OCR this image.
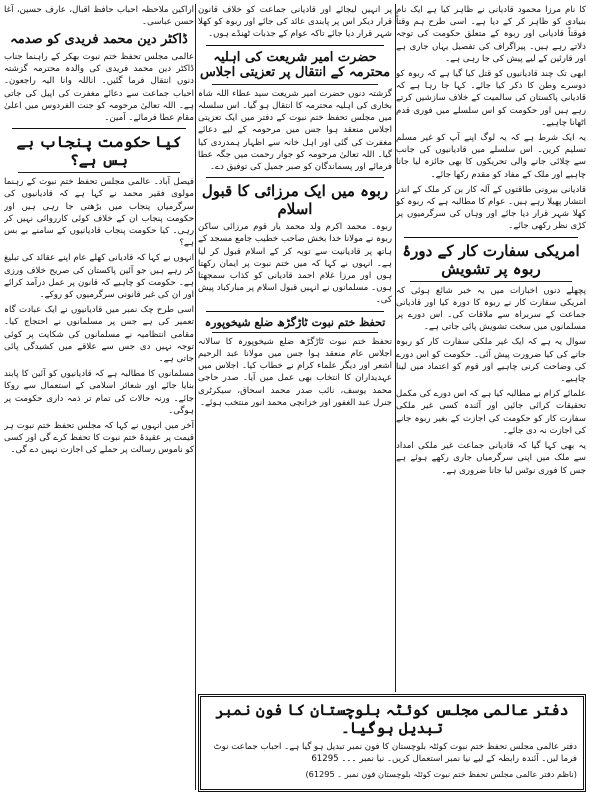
کا نام مرزا محمود قادیانی نے ظاہر کیا ہے ایک نام بنیادی کو ظاہر کر کے دیا ہے۔ اسی طرح ہم وقتاً فوقتاً قادیانی اور ربوہ کے متعلق حکومت کی توجہ دلاتے رہے ہیں۔ پیراگراف کی تفصیل یہاں جاری ہے اور قارئین کے لیے پیش کی جا رہی ہے۔

ابھی تک چند قادیانیوں کو قتل کیا گیا ہے کہ ربوہ کو دوسرے وطن کا ذکر کیا جائے۔ کہا جا رہا ہے کہ قادیانی پاکستان کی سالمیت کے خلاف سازشیں کرتے رہے ہیں اور حکومت کو اس سلسلے میں فوری قدم اٹھانا چاہیے۔

یہ ایک شرط ہے کہ یہ لوگ اپنے آپ کو غیر مسلم تسلیم کریں۔ اس سلسلے میں قادیانیوں کی جانب سے چلائی جانے والی تحریکوں کا بھی جائزہ لیا جانا چاہیے اور ملک کے مفاد کو مقدم رکھا جائے۔

قادیانی بیرونی طاقتوں کے آلہ کار بن کر ملک کے اندر انتشار پھیلا رہے ہیں۔ عوام کا مطالبہ ہے کہ ربوہ کو کھلا شہر قرار دیا جائے اور وہاں کی سرگرمیوں پر کڑی نظر رکھی جائے۔

امریکی سفارت کار کے دورۂ ربوہ پر تشویش

پچھلے دنوں اخبارات میں یہ خبر شائع ہوئی کہ امریکی سفارت کار نے ربوہ کا دورہ کیا اور قادیانی جماعت کے سربراہ سے ملاقات کی۔ اس دورے پر مسلمانوں میں سخت تشویش پائی جاتی ہے۔

سوال یہ ہے کہ ایک غیر ملکی سفارت کار کو ربوہ جانے کی کیا ضرورت پیش آئی۔ حکومت کو اس دورے کی وضاحت کرنی چاہیے اور قوم کو اعتماد میں لینا چاہیے۔

علمائے کرام نے مطالبہ کیا ہے کہ اس دورے کی مکمل تحقیقات کرائی جائیں اور آئندہ کسی غیر ملکی سفارت کار کو حکومت کی اجازت کے بغیر ربوہ جانے کی اجازت نہ دی جائے۔

یہ بھی کہا گیا کہ قادیانی جماعت غیر ملکی امداد سے ملک میں اپنی سرگرمیاں جاری رکھے ہوئے ہے جس کا فوری نوٹس لیا جانا ضروری ہے۔

پر انہیں لیجائے اور قادیانی جماعت کو خلاف قانون قرار دیکر اس پر پابندی عائد کی جائے اور ربوہ کو کھلا شہر قرار دیا جائے تاکہ عوام کے جذبات ٹھنڈے ہوں۔

حضرت امیر شریعت کی اہلیہ محترمہ کے انتقال پر تعزیتی اجلاس

گزشتہ دنوں حضرت امیر شریعت سید عطاء اللہ شاہ بخاری کی اہلیہ محترمہ کا انتقال ہو گیا۔ اس سلسلہ میں مجلس تحفظ ختم نبوت کے دفتر میں ایک تعزیتی اجلاس منعقد ہوا جس میں مرحومہ کے لیے دعائے مغفرت کی گئی اور اہل خانہ سے اظہار ہمدردی کیا گیا۔ اللہ تعالیٰ مرحومہ کو جوار رحمت میں جگہ عطا فرمائے اور پسماندگان کو صبر جمیل کی توفیق دے۔

ربوہ میں ایک مرزائی کا قبول اسلام

ربوہ۔ محمد اکرم ولد محمد یار قوم مرزائی ساکن ربوہ نے مولانا خدا بخش صاحب خطیب جامع مسجد کے ہاتھ پر قادیانیت سے توبہ کر کے اسلام قبول کر لیا ہے۔ انہوں نے کہا کہ میں ختم نبوت پر ایمان رکھتا ہوں اور مرزا غلام احمد قادیانی کو کذاب سمجھتا ہوں۔ مسلمانوں نے انہیں قبول اسلام پر مبارکباد پیش کی۔

تحفظ ختم نبوت ٹاڑگڑھ ضلع شیخوپورہ

تحفظ ختم نبوت ٹاڑگڑھ ضلع شیخوپورہ کا سالانہ اجلاس عام منعقد ہوا جس میں مولانا عبد الرحیم اشعر اور دیگر علماء کرام نے خطاب کیا۔ اجلاس میں عہدیداران کا انتخاب بھی عمل میں آیا۔ صدر حاجی محمد یوسف، نائب صدر محمد اسحاق، سیکرٹری جنرل عبد الغفور اور خزانچی محمد انور منتخب ہوئے۔

اراکین ملاحظہ احباب حافظ اقبال، عارف حسین، آغا حسن عباسی۔

ڈاکٹر دین محمد فریدی کو صدمہ

عالمی مجلس تحفظ ختم نبوت بھکر کے راہنما جناب ڈاکٹر دین محمد فریدی کی والدہ محترمہ گزشتہ دنوں انتقال فرما گئیں۔ اناللہ وانا الیہ راجعون۔ احباب جماعت سے دعائے مغفرت کی اپیل کی جاتی ہے۔ اللہ تعالیٰ مرحومہ کو جنت الفردوس میں اعلیٰ مقام عطا فرمائے۔ آمین۔

کیا حکومت پنجاب بے بس ہے؟

فیصل آباد۔ عالمی مجلس تحفظ ختم نبوت کے رہنما مولوی فقیر محمد نے کہا ہے کہ قادیانیوں کی سرگرمیاں پنجاب میں بڑھتی جا رہی ہیں اور حکومت پنجاب ان کے خلاف کوئی کارروائی نہیں کر رہی۔ کیا حکومت پنجاب قادیانیوں کے سامنے بے بس ہے؟

انہوں نے کہا کہ قادیانی کھلے عام اپنے عقائد کی تبلیغ کر رہے ہیں جو آئین پاکستان کی صریح خلاف ورزی ہے۔ حکومت کو چاہیے کہ قانون پر عمل درآمد کرائے اور ان کی غیر قانونی سرگرمیوں کو روکے۔

اسی طرح چک نمبر میں قادیانیوں نے ایک عبادت گاہ تعمیر کی ہے جس پر مسلمانوں نے احتجاج کیا۔ مقامی انتظامیہ نے مسلمانوں کی شکایت پر کوئی توجہ نہیں دی جس سے علاقے میں کشیدگی پائی جاتی ہے۔

مسلمانوں کا مطالبہ ہے کہ قادیانیوں کو آئین کا پابند بنایا جائے اور شعائر اسلامی کے استعمال سے روکا جائے۔ ورنہ حالات کی تمام تر ذمہ داری حکومت پر ہوگی۔

آخر میں انہوں نے کہا کہ مجلس تحفظ ختم نبوت ہر قیمت پر عقیدۂ ختم نبوت کا تحفظ کرے گی اور کسی کو ناموس رسالت پر حملے کی اجازت نہیں دے گی۔

دفتر عالمی مجلس کوئٹہ بلوچستان کا فون نمبر تبدیل ہوگیا۔

دفتر عالمی مجلس تحفظ ختم نبوت کوئٹہ بلوچستان کا فون نمبر تبدیل ہو گیا ہے۔ احباب جماعت نوٹ فرما لیں۔ آئندہ رابطہ کے لیے نیا نمبر استعمال کریں۔ نیا نمبر ۔۔۔ 61295

(ناظم دفتر عالمی مجلس تحفظ ختم نبوت کوئٹہ بلوچستان فون نمبر ۔ 61295)
